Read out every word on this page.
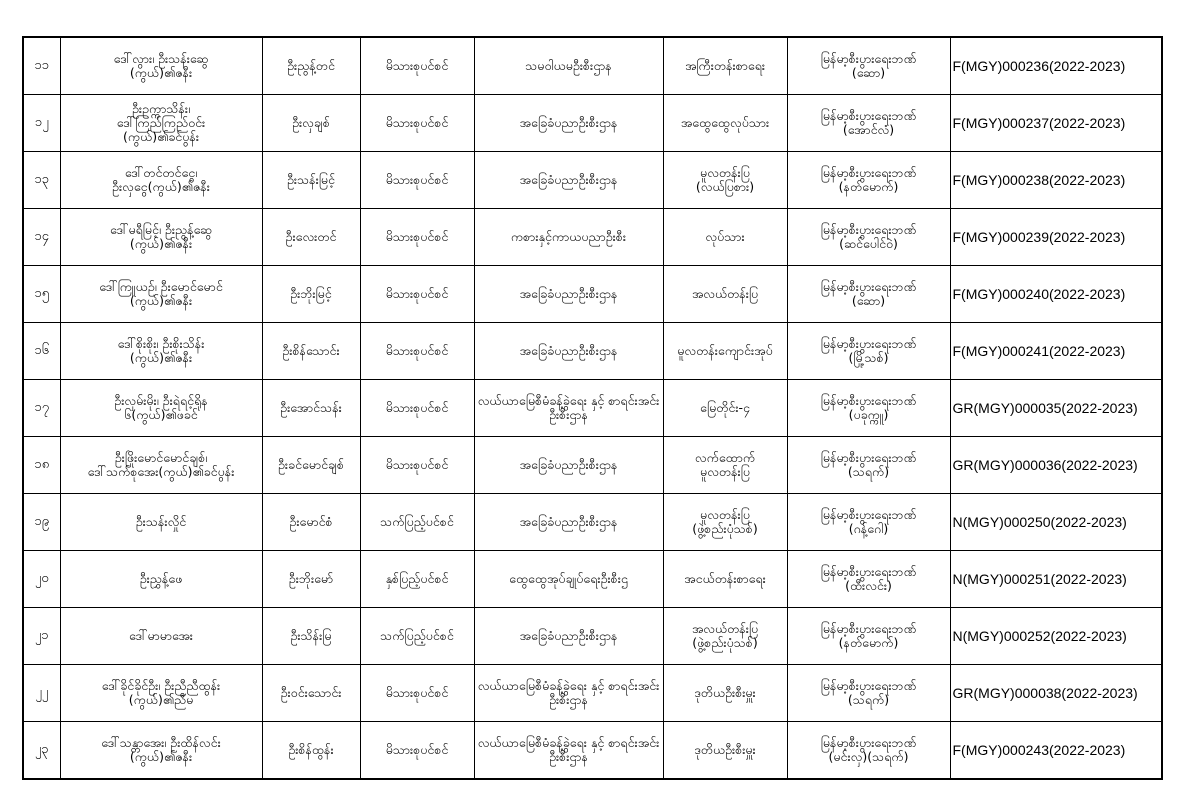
၁၁	ဒေါ်လွား၊ ဦးသန်းဆွေ
(ကွယ်)၏ဇနီး	ဦးညွန့်တင်	မိသားစုပင်စင်	သမဝါယမဦးစီးဌာန	အကြီးတန်းစာရေး	မြန်မာ့စီးပွားရေးဘဏ်
(ဆော)	F(MGY)000236(2022-2023)
၁၂	ဦးဥက္ကာသိန်း၊
ဒေါ်ကြည်ကြည်ဝင်း
(ကွယ်)၏ခင်ပွန်း	ဦးလှချစ်	မိသားစုပင်စင်	အခြေခံပညာဦးစီးဌာန	အထွေထွေလုပ်သား	မြန်မာ့စီးပွားရေးဘဏ်
(အောင်လံ)	F(MGY)000237(2022-2023)
၁၃	ဒေါ်တင်တင်ငွေ၊
ဦးလှငွေ(ကွယ်)၏ဇနီး	ဦးသန်းမြင့်	မိသားစုပင်စင်	အခြေခံပညာဦးစီးဌာန	မူလတန်းပြ
(လယ်ပြစား)	မြန်မာ့စီးပွားရေးဘဏ်
(နတ်မောက်)	F(MGY)000238(2022-2023)
၁၄	ဒေါ်မရီမြင့်၊ ဦးညွန့်ဆွေ
(ကွယ်)၏ဇနီး	ဦးလေးတင်	မိသားစုပင်စင်	ကစားနှင့်ကာယပညာဦးစီး	လုပ်သား	မြန်မာ့စီးပွားရေးဘဏ်
(ဆင်ပေါင်ဝဲ)	F(MGY)000239(2022-2023)
၁၅	ဒေါ်ကြူယဉ်၊ ဦးမောင်မောင်
(ကွယ်)၏ဇနီး	ဦးဘိုးမြင့်	မိသားစုပင်စင်	အခြေခံပညာဦးစီးဌာန	အလယ်တန်းပြ	မြန်မာ့စီးပွားရေးဘဏ်
(ဆော)	F(MGY)000240(2022-2023)
၁၆	ဒေါ်စိုးစိုး၊ ဦးစိုးသိန်း
(ကွယ်)၏ဇနီး	ဦးစိန်သောင်း	မိသားစုပင်စင်	အခြေခံပညာဦးစီးဌာန	မူလတန်းကျောင်းအုပ်	မြန်မာ့စီးပွားရေးဘဏ်
(မြို့သစ်)	F(MGY)000241(2022-2023)
၁၇	ဦးလှမ်းမိုး၊ ဦးရဲရင့်ရိုန
၆(ကွယ်)၏ဖခင်	ဦးအောင်သန်း	မိသားစုပင်စင်	လယ်ယာမြေစီမံခန့်ခွဲရေး နှင့် စာရင်းအင်းဦးစီးဌာန	မြေတိုင်း-၄	မြန်မာ့စီးပွားရေးဘဏ်
(ပခုက္ကူ)	GR(MGY)000035(2022-2023)
၁၈	ဦးဖြိုးမောင်မောင်ချစ်၊
ဒေါ်သက်စုအေး(ကွယ်)၏ခင်ပွန်း	ဦးခင်မောင်ချစ်	မိသားစုပင်စင်	အခြေခံပညာဦးစီးဌာန	လက်ထောက်
မူလတန်းပြ	မြန်မာ့စီးပွားရေးဘဏ်
(သရက်)	GR(MGY)000036(2022-2023)
၁၉	ဦးသန်းလှိုင်	ဦးမောင်စံ	သက်ပြည့်ပင်စင်	အခြေခံပညာဦးစီးဌာန	မူလတန်းပြ
(ဖွဲ့စည်းပုံသစ်)	မြန်မာ့စီးပွားရေးဘဏ်
(ဂန့်ဂေါ)	N(MGY)000250(2022-2023)
၂၀	ဦးညွှန့်ဖေ	ဦးဘိုးမော်	နှစ်ပြည့်ပင်စင်	ထွေထွေအုပ်ချုပ်ရေးဦးစီးဌ	အငယ်တန်းစာရေး	မြန်မာ့စီးပွားရေးဘဏ်
(ထီးလင်း)	N(MGY)000251(2022-2023)
၂၁	ဒေါ်မာမာအေး	ဦးသိန်းမြ	သက်ပြည့်ပင်စင်	အခြေခံပညာဦးစီးဌာန	အလယ်တန်းပြ
(ဖွဲ့စည်းပုံသစ်)	မြန်မာ့စီးပွားရေးဘဏ်
(နတ်မောက်)	N(MGY)000252(2022-2023)
၂၂	ဒေါ်ခိုင်ခိုင်ဦး၊ ဦးညီညီထွန်း
(ကွယ်)၏ညီမ	ဦးဝင်းသောင်း	မိသားစုပင်စင်	လယ်ယာမြေစီမံခန့်ခွဲရေး နှင့် စာရင်းအင်းဦးစီးဌာန	ဒုတိယဦးစီးမှူး	မြန်မာ့စီးပွားရေးဘဏ်
(သရက်)	GR(MGY)000038(2022-2023)
၂၃	ဒေါ်သန္တာအေး၊ ဦးထိန်လင်း
(ကွယ်)၏ဇနီး	ဦးစိန်ထွန်း	မိသားစုပင်စင်	လယ်ယာမြေစီမံခန့်ခွဲရေး နှင့် စာရင်းအင်းဦးစီးဌာန	ဒုတိယဦးစီးမှူး	မြန်မာ့စီးပွားရေးဘဏ်
(မင်းလှ)(သရက်)	F(MGY)000243(2022-2023)
